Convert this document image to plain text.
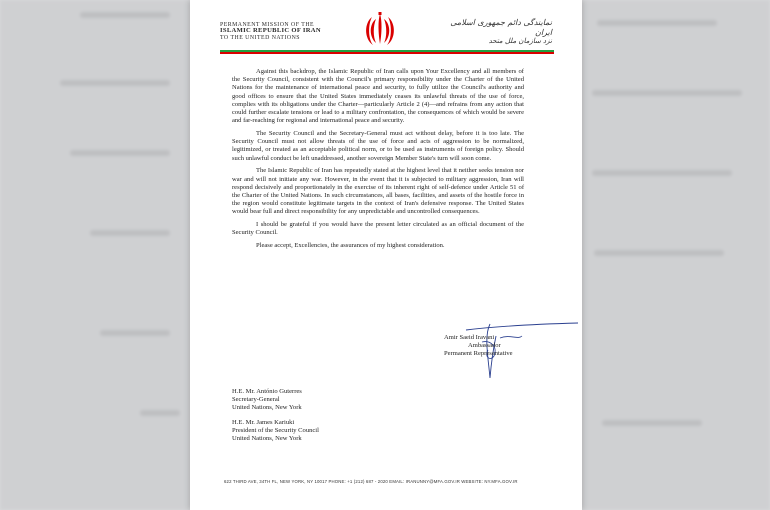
PERMANENT MISSION OF THE
ISLAMIC REPUBLIC OF IRAN
TO THE UNITED NATIONS
نمایندگی دائم جمهوری اسلامی ایران
نزد سازمان ملل متحد

Against this backdrop, the Islamic Republic of Iran calls upon Your Excellency and all members of the Security Council, consistent with the Council's primary responsibility under the Charter of the United Nations for the maintenance of international peace and security, to fully utilize the Council's authority and good offices to ensure that the United States immediately ceases its unlawful threats of the use of force, complies with its obligations under the Charter—particularly Article 2 (4)—and refrains from any action that could further escalate tensions or lead to a military confrontation, the consequences of which would be severe and far-reaching for regional and international peace and security.

The Security Council and the Secretary-General must act without delay, before it is too late. The Security Council must not allow threats of the use of force and acts of aggression to be normalized, legitimized, or treated as an acceptable political norm, or to be used as instruments of foreign policy. Should such unlawful conduct be left unaddressed, another sovereign Member State's turn will soon come.

The Islamic Republic of Iran has repeatedly stated at the highest level that it neither seeks tension nor war and will not initiate any war. However, in the event that it is subjected to military aggression, Iran will respond decisively and proportionately in the exercise of its inherent right of self-defence under Article 51 of the Charter of the United Nations. In such circumstances, all bases, facilities, and assets of the hostile force in the region would constitute legitimate targets in the context of Iran's defensive response. The United States would bear full and direct responsibility for any unpredictable and uncontrolled consequences.

I should be grateful if you would have the present letter circulated as an official document of the Security Council.

Please accept, Excellencies, the assurances of my highest consideration.

Amir Saeid Iravani
Ambassador
Permanent Representative
H.E. Mr. António Guterres
Secretary-General
United Nations, New York
H.E. Mr. James Kariuki
President of the Security Council
United Nations, New York
622 THIRD AVE, 34TH FL, NEW YORK, NY 10017 PHONE: +1 (212) 687 - 2020 EMAIL: IRANUNNY@MFA.GOV.IR WEBSITE: NY.MFA.GOV.IR
